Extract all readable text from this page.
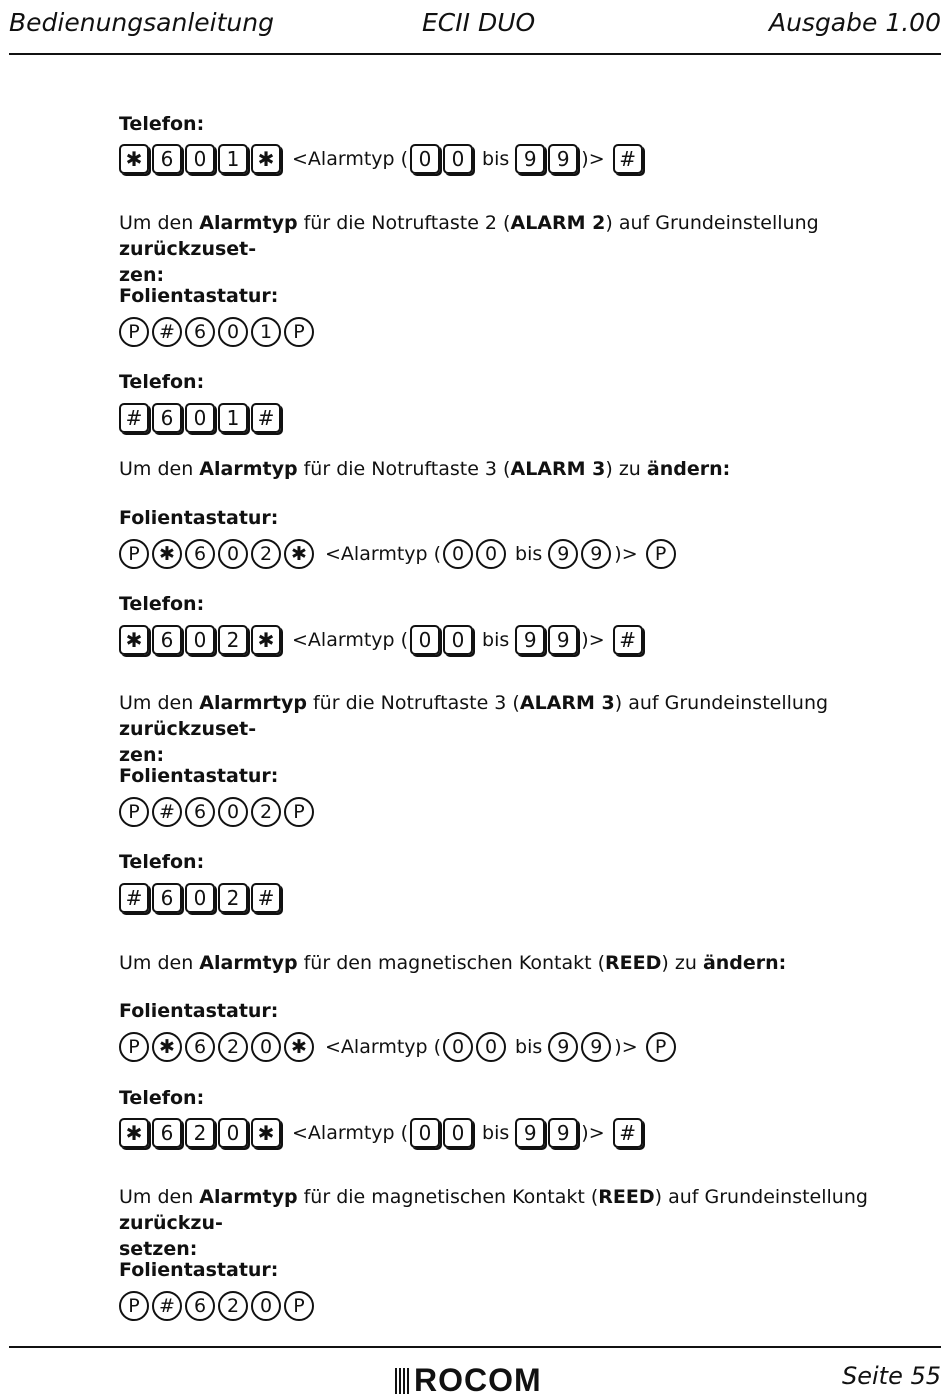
Bedienungsanleitung	ECII DUO	Ausgabe 1.00
Telefon:
✱ 6	0	1 ✱ <Alarmtyp ( 0	0 bis 9	9 )> #
Um den Alarmtyp für die Notruftaste 2 (ALARM 2) auf Grundeinstellung zurückzuset-
zen:
Folientastatur:
P	#	6	0	1	P
Telefon:
# 6	0	1 #
Um den Alarmtyp für die Notruftaste 3 (ALARM 3) zu ändern:
Folientastatur:
P	✱	6	0	2 ✱ <Alarmtyp ( 0	0 bis 9	9 )> P
Telefon:
✱ 6	0	2 ✱ <Alarmtyp ( 0	0 bis 9	9 )> #
Um den Alarmrtyp für die Notruftaste 3 (ALARM 3) auf Grundeinstellung zurückzuset-
zen:
Folientastatur:
P	#	6	0	2	P
Telefon:
# 6	0	2 #
Um den Alarmtyp für den magnetischen Kontakt (REED) zu ändern:
Folientastatur:
P	✱	6	2	0 ✱ <Alarmtyp ( 0	0 bis 9	9 )> P
Telefon:
✱ 6	2	0 ✱ <Alarmtyp ( 0	0 bis 9	9 )> #
Um den Alarmtyp für die magnetischen Kontakt (REED) auf Grundeinstellung zurückzu-
setzen:
Folientastatur:
P	#	6	2	0	P
ROCOM	Seite 55
